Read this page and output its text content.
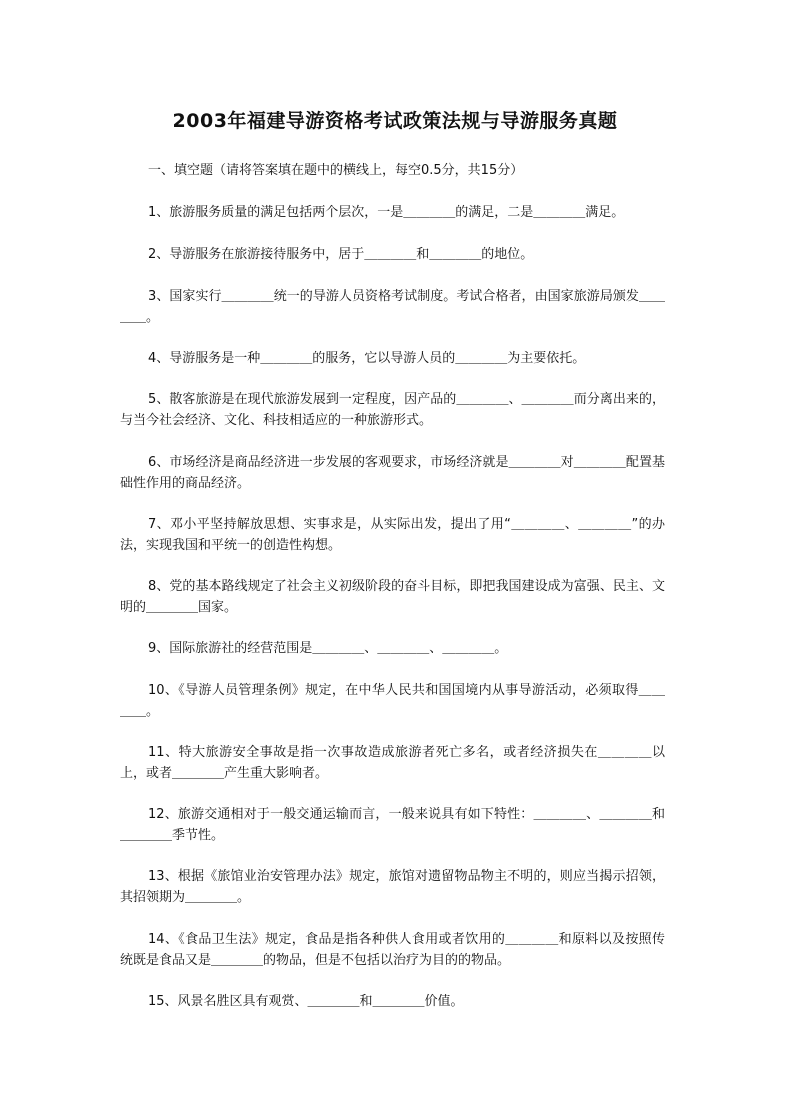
2003年福建导游资格考试政策法规与导游服务真题

一、填空题（请将答案填在题中的横线上，每空0.5分，共15分）

1、旅游服务质量的满足包括两个层次，一是＿＿＿＿的满足，二是＿＿＿＿满足。

2、导游服务在旅游接待服务中，居于＿＿＿＿和＿＿＿＿的地位。

3、国家实行＿＿＿＿统一的导游人员资格考试制度。考试合格者，由国家旅游局颁发＿＿＿＿。

4、导游服务是一种＿＿＿＿的服务，它以导游人员的＿＿＿＿为主要依托。

5、散客旅游是在现代旅游发展到一定程度，因产品的＿＿＿＿、＿＿＿＿而分离出来的，与当今社会经济、文化、科技相适应的一种旅游形式。

6、市场经济是商品经济进一步发展的客观要求，市场经济就是＿＿＿＿对＿＿＿＿配置基础性作用的商品经济。

7、邓小平坚持解放思想、实事求是，从实际出发，提出了用“＿＿＿＿、＿＿＿＿”的办法，实现我国和平统一的创造性构想。

8、党的基本路线规定了社会主义初级阶段的奋斗目标，即把我国建设成为富强、民主、文明的＿＿＿＿国家。

9、国际旅游社的经营范围是＿＿＿＿、＿＿＿＿、＿＿＿＿。

10、《导游人员管理条例》规定，在中华人民共和国国境内从事导游活动，必须取得＿＿＿＿。

11、特大旅游安全事故是指一次事故造成旅游者死亡多名，或者经济损失在＿＿＿＿以上，或者＿＿＿＿产生重大影响者。

12、旅游交通相对于一般交通运输而言，一般来说具有如下特性：＿＿＿＿、＿＿＿＿和＿＿＿＿季节性。

13、根据《旅馆业治安管理办法》规定，旅馆对遗留物品物主不明的，则应当揭示招领，其招领期为＿＿＿＿。

14、《食品卫生法》规定，食品是指各种供人食用或者饮用的＿＿＿＿和原料以及按照传统既是食品又是＿＿＿＿的物品，但是不包括以治疗为目的的物品。

15、风景名胜区具有观赏、＿＿＿＿和＿＿＿＿价值。
